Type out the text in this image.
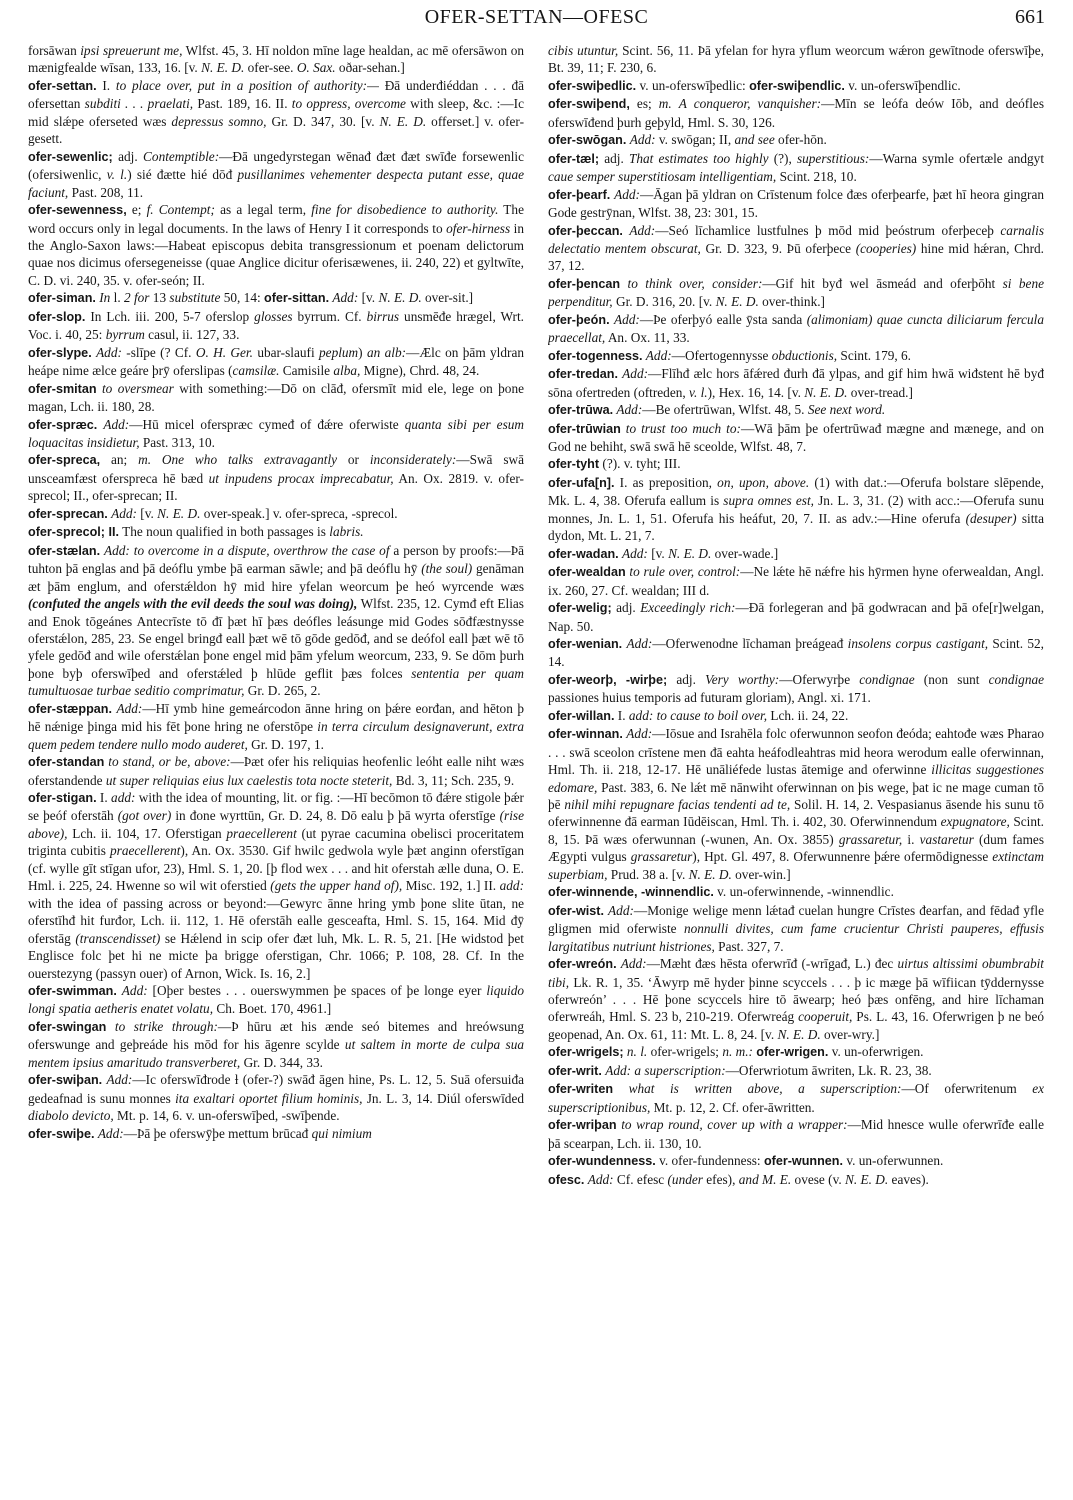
OFER-SETTAN—OFESC	661

forsāwan ipsi spreuerunt me, Wlfst. 45, 3. Hī noldon mīne lage healdan, ac mē ofersāwon on mænigfealde wīsan, 133, 16. [v. N. E. D. ofer-see. O. Sax. oðar-sehan.]

ofer-settan. I. to place over, put in a position of authority:— Đā underđiéddan . . . đā ofersettan subditi . . . praelati, Past. 189, 16. II. to oppress, overcome with sleep, &c. :—Ic mid slǽpe oferseted wæs depressus somno, Gr. D. 347, 30. [v. N. E. D. offerset.] v. ofer-gesett.

ofer-sewenlic; adj. Contemptible:—Đā ungedyrstegan wēnađ đæt đæt swīđe forsewenlic (ofersiwenlic, v. l.) sié đætte hié dōđ pusillanimes vehementer despecta putant esse, quae faciunt, Past. 208, 11.

ofer-sewenness, e; f. Contempt; as a legal term, fine for disobedience to authority. The word occurs only in legal documents. In the laws of Henry I it corresponds to ofer-hirness in the Anglo-Saxon laws:—Habeat episcopus debita transgressionum et poenam delictorum quae nos dicimus ofersegeneisse (quae Anglice dicitur oferisæwenes, ii. 240, 22) et gyltwīte, C. D. vi. 240, 35. v. ofer-seón; II.

ofer-siman. In l. 2 for 13 substitute 50, 14: ofer-sittan. Add: [v. N. E. D. over-sit.]

ofer-slop. In Lch. iii. 200, 5-7 oferslop glosses byrrum. Cf. birrus unsmēđe hrægel, Wrt. Voc. i. 40, 25: byrrum casul, ii. 127, 33.

ofer-slype. Add: -slīpe (? Cf. O. H. Ger. ubar-slaufi peplum) an alb:—Ælc on þām yldran heápe nime ælce geáre þrȳ oferslipas (camsilæ. Camisile alba, Migne), Chrd. 48, 24.

ofer-smitan to oversmear with something:—Dō on clāđ, ofersmīt mid ele, lege on þone magan, Lch. ii. 180, 28.

ofer-spræc. Add:—Hū micel oferspræc cymeđ of đǽre oferwiste quanta sibi per esum loquacitas insidietur, Past. 313, 10.

ofer-spreca, an; m. One who talks extravagantly or inconsiderately:—Swā swā unsceamfæst ofersprecа hē bæd ut inpudens procax imprecabatur, An. Ox. 2819. v. ofer-sprecol; II., ofer-sprecan; II.

ofer-sprecan. Add: [v. N. E. D. over-speak.] v. ofer-spreca, -sprecol.

ofer-sprecol; II. The noun qualified in both passages is labris.

ofer-stælan. Add: to overcome in a dispute, overthrow the case of a person by proofs:—Þā tuhton þā englas and þā deóflu ymbe þā earman sāwle; and þā deóflu hȳ (the soul) genāman æt þām englum, and oferstǽldon hȳ mid hire yfelan weorcum þe heó wyrcende wæs (confuted the angels with the evil deeds the soul was doing), Wlfst. 235, 12. Cymđ eft Elias and Enok tōgeánes Antecrīste tō đī þæt hī þæs deófles leásunge mid Godes sōđfæstnysse oferstǽlon, 285, 23. Se engel bringđ eall þæt wē tō gōde gedōđ, and se deófol eall þæt wē tō yfele gedōđ and wile oferstǽlan þone engel mid þām yfelum weorcum, 233, 9. Se dōm þurh þone byþ oferswīþed and oferstǽled þ hlūde geflit þæs folces sententia per quam tumultuosae turbae seditio comprimatur, Gr. D. 265, 2.

ofer-stæppan. Add:—Hī ymb hine gemeárcodon ānne hring on þǽre eorđan, and hēton þ hē nǽnige þinga mid his fēt þone hring ne oferstōpe in terra circulum designaverunt, extra quem pedem tendere nullo modo auderet, Gr. D. 197, 1.

ofer-standan to stand, or be, above:—Þæt ofer his reliquias heofenlic leóht ealle niht wæs oferstandende ut super reliquias eius lux caelestis tota nocte steterit, Bd. 3, 11; Sch. 235, 9.

ofer-stigan. I. add: with the idea of mounting, lit. or fig. :—Hī becōmon tō đǽre stigole þǽr se þeóf oferstāh (got over) in đone wyrttūn, Gr. D. 24, 8. Dō ealu þ þā wyrta oferstīge (rise above), Lch. ii. 104, 17. Oferstigan praecellerent (ut pyrae cacumina obelisci proceritatem triginta cubitis praecellerent), An. Ox. 3530. Gif hwilc gedwola wyle þæt anginn oferstīgan (cf. wylle gīt stīgan ufor, 23), Hml. S. 1, 20. [þ flod wex . . . and hit oferstah ælle duna, O. E. Hml. i. 225, 24. Hwenne so wil wit oferstied (gets the upper hand of), Misc. 192, 1.] II. add: with the idea of passing across or beyond:—Gewyrc ānne hring ymb þone slite ūtan, ne oferstīhđ hit furđor, Lch. ii. 112, 1. Hē oferstāh ealle gesceafta, Hml. S. 15, 164. Mid đȳ oferstāg (transcendisset) se Hǽlend in scip ofer đæt luh, Mk. L. R. 5, 21. [He widstod þet Englisce folc þet hi ne micte þa brigge oferstigan, Chr. 1066; P. 108, 28. Cf. In the ouerstezyng (passyn ouer) of Arnon, Wick. Is. 16, 2.]

ofer-swimman. Add: [Oþer bestes . . . ouerswymmen þe spaces of þe longe eyer liquido longi spatia aetheris enatet volatu, Ch. Boet. 170, 4961.]

ofer-swingan to strike through:—Þ hūru æt his ænde seó bitemes and hreówsung oferswunge and geþreáde his mōd for his āgenre scylde ut saltem in morte de culpa sua mentem ipsius amaritudo transverberet, Gr. D. 344, 33.

ofer-swiþan. Add:—Ic oferswīđrode ƚ (ofer-?) swāđ āgen hine, Ps. L. 12, 5. Suā ofersuiđa gedeafnad is sunu monnes ita exaltari oportet filium hominis, Jn. L. 3, 14. Diúl oferswīded diabolo devicto, Mt. p. 14, 6. v. un-oferswīþed, -swīþende.

ofer-swiþe. Add:—Þā þe oferswȳþe mettum brūcađ qui nimium

cibis utuntur, Scint. 56, 11. Þā yfelan for hyra yflum weorcum wǽron gewītnode oferswīþe, Bt. 39, 11; F. 230, 6.

ofer-swiþedlic. v. un-oferswīþedlic: ofer-swiþendlic. v. un-oferswīþendlic.

ofer-swiþend, es; m. A conqueror, vanquisher:—Mīn se leófa deów Iōb, and deófles oferswīđend þurh geþyld, Hml. S. 30, 126.

ofer-swōgan. Add: v. swōgan; II, and see ofer-hōn.

ofer-tæl; adj. That estimates too highly (?), superstitious:—Warna symle ofertæle andgyt caue semper superstitiosam intelligentiam, Scint. 218, 10.

ofer-þearf. Add:—Āgan þā yldran on Crīstenum folce đæs oferþearfe, þæt hī heora gingran Gode gestrȳnan, Wlfst. 38, 23: 301, 15.

ofer-þeccan. Add:—Seó līchamlice lustfulnes þ mōd mid þeóstrum oferþeceþ carnalis delectatio mentem obscurat, Gr. D. 323, 9. Þū oferþece (cooperies) hine mid hǽran, Chrd. 37, 12.

ofer-þencan to think over, consider:—Gif hit byđ wel āsmeád and oferþōht si bene perpenditur, Gr. D. 316, 20. [v. N. E. D. over-think.]

ofer-þeón. Add:—Þe oferþyó ealle ȳsta sanda (alimoniam) quae cuncta diliciarum fercula praecellat, An. Ox. 11, 33.

ofer-togenness. Add:—Ofertogennysse obductionis, Scint. 179, 6.

ofer-tredan. Add:—Flīhđ ælc hors āfǽred đurh đā ylpas, and gif him hwā wiđstent hē byđ sōna ofertreden (oftreden, v. l.), Hex. 16, 14. [v. N. E. D. over-tread.]

ofer-trūwa. Add:—Be ofertrūwan, Wlfst. 48, 5. See next word.

ofer-trūwian to trust too much to:—Wā þām þe ofertrūwađ mægne and mænege, and on God ne behiht, swā swā hē sceolde, Wlfst. 48, 7.

ofer-tyht (?). v. tyht; III.

ofer-ufa[n]. I. as preposition, on, upon, above. (1) with dat.:—Oferufa bolstare slēpende, Mk. L. 4, 38. Oferufa eallum is supra omnes est, Jn. L. 3, 31. (2) with acc.:—Oferufa sunu monnes, Jn. L. 1, 51. Oferufa his heáfut, 20, 7. II. as adv.:—Hine oferufa (desuper) sitta dydon, Mt. L. 21, 7.

ofer-wadan. Add: [v. N. E. D. over-wade.]

ofer-wealdan to rule over, control:—Ne lǽte hē nǽfre his hȳrmen hyne oferwealdan, Angl. ix. 260, 27. Cf. wealdan; III d.

ofer-welig; adj. Exceedingly rich:—Đā forlegeran and þā godwracan and þā ofe[r]welgan, Nap. 50.

ofer-wenian. Add:—Oferwenodne līchaman þreágeađ insolens corpus castigant, Scint. 52, 14.

ofer-weorþ, -wirþe; adj. Very worthy:—Oferwyrþe condignae (non sunt condignae passiones huius temporis ad futuram gloriam), Angl. xi. 171.

ofer-willan. I. add: to cause to boil over, Lch. ii. 24, 22.

ofer-winnan. Add:—Iōsue and Israhēla folc oferwunnon seofon đeóda; eahtođe wæs Pharao . . . swā sceolon crīstene men đā eahta heáfodleahtras mid heora werodum ealle oferwinnan, Hml. Th. ii. 218, 12-17. Hē unāliéfede lustas ātemige and oferwinne illicitas suggestiones edomare, Past. 383, 6. Ne lǽt mē nānwiht oferwinnan on þis wege, þat ic ne mage cuman tō þē nihil mihi repugnare facias tendenti ad te, Solil. H. 14, 2. Vespasianus āsende his sunu tō oferwinnenne đā earman Iūdēiscan, Hml. Th. i. 402, 30. Oferwinnendum expugnatore, Scint. 8, 15. Þā wæs oferwunnan (-wunen, An. Ox. 3855) grassaretur, i. vastaretur (dum fames Ægypti vulgus grassaretur), Hpt. Gl. 497, 8. Oferwunnenre þǽre ofermōdignesse extinctam superbiam, Prud. 38 a. [v. N. E. D. over-win.]

ofer-winnende, -winnendlic. v. un-oferwinnende, -winnendlic.

ofer-wist. Add:—Monige welige menn lǽtađ cuelan hungre Crīstes đearfan, and fēdađ yfle gligmen mid oferwiste nonnulli divites, cum fame crucientur Christi pauperes, effusis largitatibus nutriunt histriones, Past. 327, 7.

ofer-wreón. Add:—Mæht đæs hēsta oferwrīđ (-wrīgađ, L.) đec uirtus altissimi obumbrabit tibi, Lk. R. 1, 35. ‘Āwyrp mē hyder þinne scyccels . . . þ ic mæge þā wīfiican tȳddernysse oferwreón’ . . . Hē þone scyccels hire tō āwearp; heó þæs onfēng, and hire līchaman oferwreáh, Hml. S. 23 b, 210-219. Oferwreág cooperuit, Ps. L. 43, 16. Oferwrigen þ ne beó geopenad, An. Ox. 61, 11: Mt. L. 8, 24. [v. N. E. D. over-wry.]

ofer-wrigels; n. l. ofer-wrigels; n. m.: ofer-wrigen. v. un-oferwrigen.

ofer-writ. Add: a superscription:—Oferwriotum āwriten, Lk. R. 23, 38.

ofer-writen what is written above, a superscription:—Of oferwritenum ex superscriptionibus, Mt. p. 12, 2. Cf. ofer-āwritten.

ofer-wriþan to wrap round, cover up with a wrapper:—Mid hnesce wulle oferwrīđe ealle þā scearpan, Lch. ii. 130, 10.

ofer-wundenness. v. ofer-fundenness: ofer-wunnen. v. un-oferwunnen.

ofesc. Add: Cf. efesc (under efes), and M. E. ovese (v. N. E. D. eaves).
